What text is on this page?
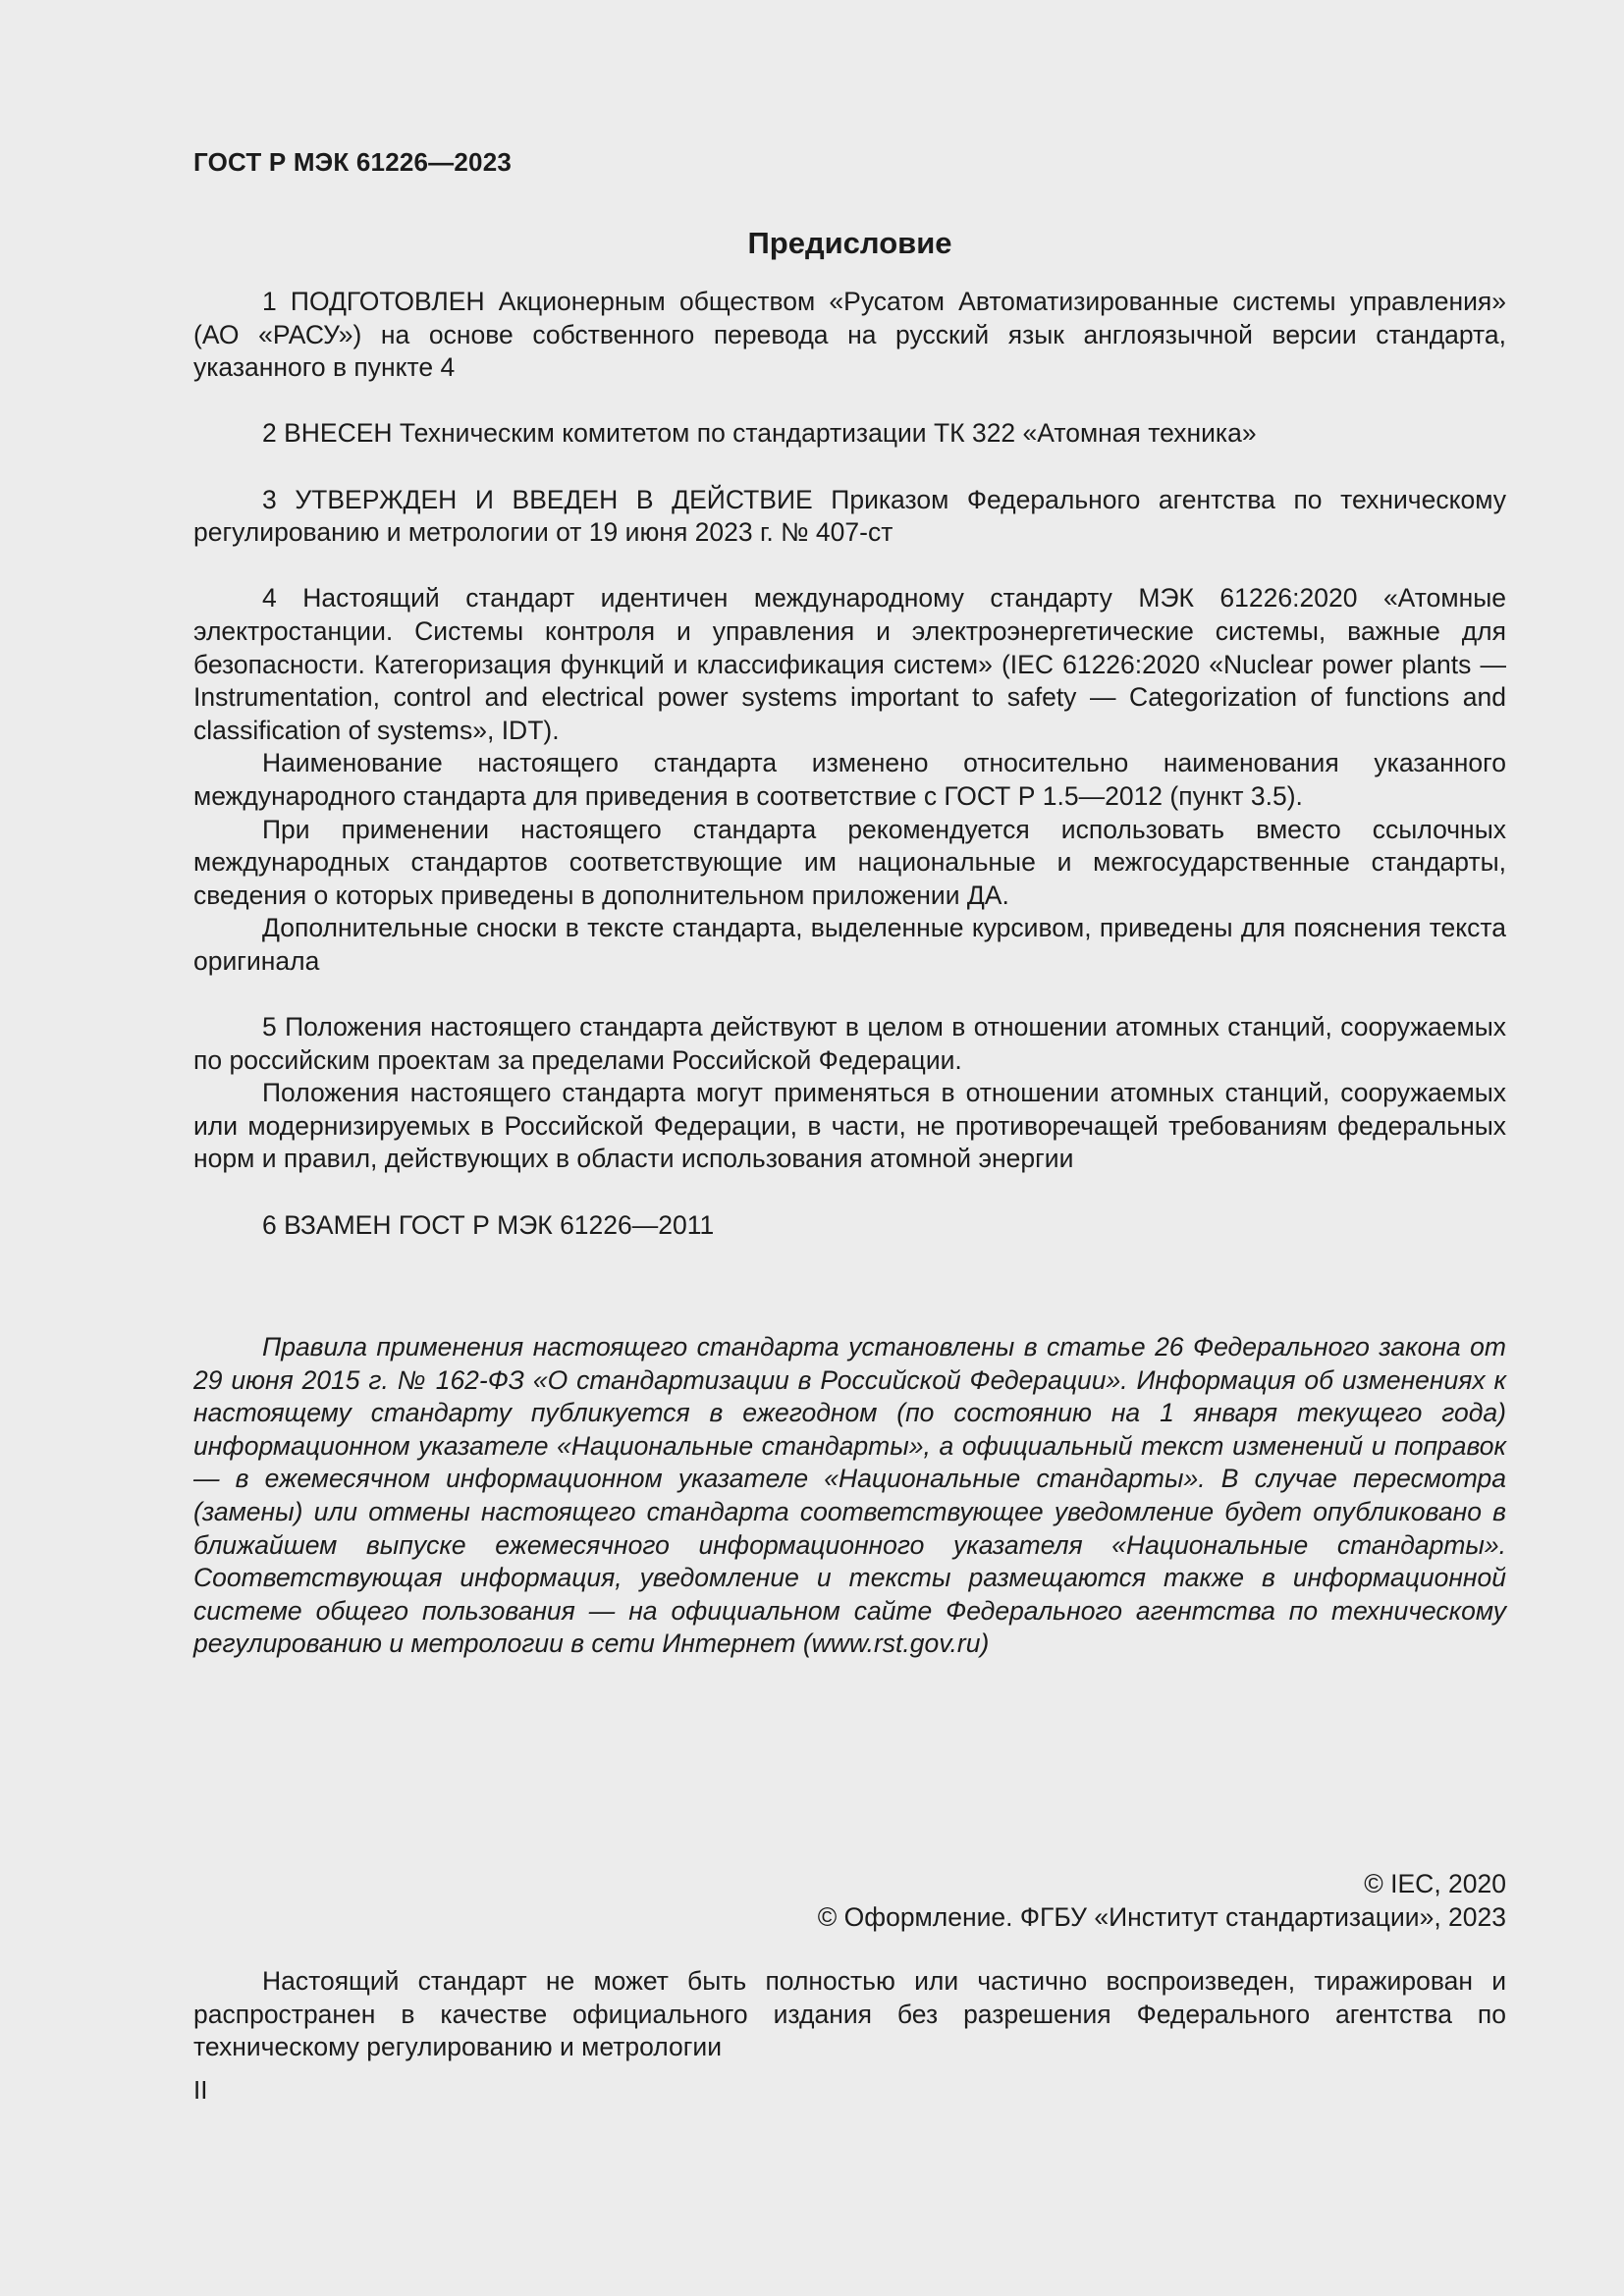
ГОСТ Р МЭК 61226—2023
Предисловие

1 ПОДГОТОВЛЕН Акционерным обществом «Русатом Автоматизированные системы управления» (АО «РАСУ») на основе собственного перевода на русский язык англоязычной версии стандарта, указанного в пункте 4

2 ВНЕСЕН Техническим комитетом по стандартизации ТК 322 «Атомная техника»

3 УТВЕРЖДЕН И ВВЕДЕН В ДЕЙСТВИЕ Приказом Федерального агентства по техническому регулированию и метрологии от 19 июня 2023 г. № 407-ст

4 Настоящий стандарт идентичен международному стандарту МЭК 61226:2020 «Атомные электростанции. Системы контроля и управления и электроэнергетические системы, важные для безопасности. Категоризация функций и классификация систем» (IEC 61226:2020 «Nuclear power plants — Instrumentation, control and electrical power systems important to safety — Categorization of functions and classification of systems», IDT).

Наименование настоящего стандарта изменено относительно наименования указанного международного стандарта для приведения в соответствие с ГОСТ Р 1.5—2012 (пункт 3.5).

При применении настоящего стандарта рекомендуется использовать вместо ссылочных международных стандартов соответствующие им национальные и межгосударственные стандарты, сведения о которых приведены в дополнительном приложении ДА.

Дополнительные сноски в тексте стандарта, выделенные курсивом, приведены для пояснения текста оригинала

5 Положения настоящего стандарта действуют в целом в отношении атомных станций, сооружаемых по российским проектам за пределами Российской Федерации.

Положения настоящего стандарта могут применяться в отношении атомных станций, сооружаемых или модернизируемых в Российской Федерации, в части, не противоречащей требованиям федеральных норм и правил, действующих в области использования атомной энергии

6 ВЗАМЕН ГОСТ Р МЭК 61226—2011

Правила применения настоящего стандарта установлены в статье 26 Федерального закона от 29 июня 2015 г. № 162-ФЗ «О стандартизации в Российской Федерации». Информация об изменениях к настоящему стандарту публикуется в ежегодном (по состоянию на 1 января текущего года) информационном указателе «Национальные стандарты», а официальный текст изменений и поправок — в ежемесячном информационном указателе «Национальные стандарты». В случае пересмотра (замены) или отмены настоящего стандарта соответствующее уведомление будет опубликовано в ближайшем выпуске ежемесячного информационного указателя «Национальные стандарты». Соответствующая информация, уведомление и тексты размещаются также в информационной системе общего пользования — на официальном сайте Федерального агентства по техническому регулированию и метрологии в сети Интернет (www.rst.gov.ru)

© IEC, 2020
© Оформление. ФГБУ «Институт стандартизации», 2023

Настоящий стандарт не может быть полностью или частично воспроизведен, тиражирован и распространен в качестве официального издания без разрешения Федерального агентства по техническому регулированию и метрологии

II
